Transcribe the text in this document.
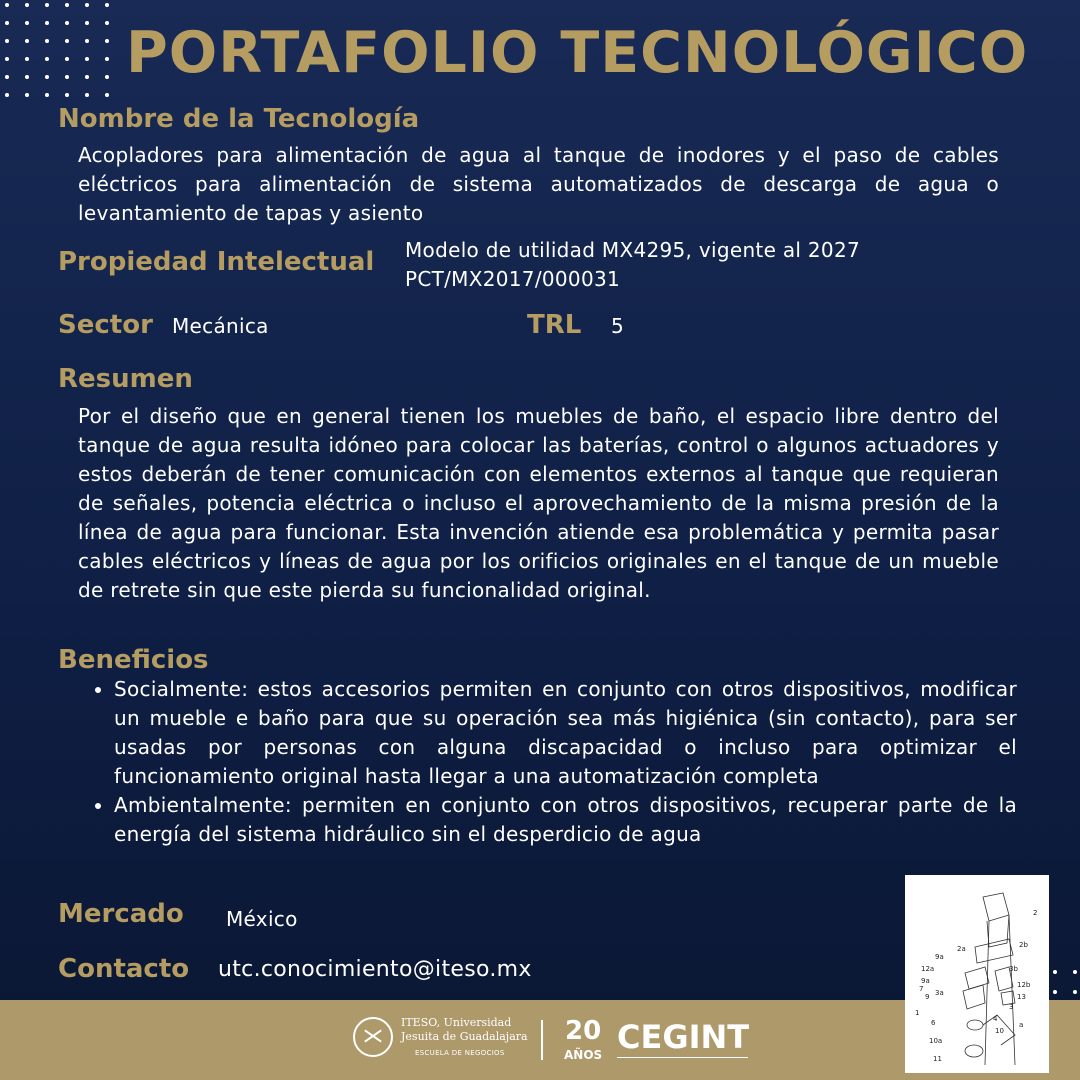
PORTAFOLIO TECNOLÓGICO
Nombre de la Tecnología
Acopladores para alimentación de agua al tanque de inodores y el paso de cables eléctricos para alimentación de sistema automatizados de descarga de agua o levantamiento de tapas y asiento
Propiedad Intelectual Modelo de utilidad MX4295, vigente al 2027
PCT/MX2017/000031
Sector Mecánica	TRL 5
Resumen
Por el diseño que en general tienen los muebles de baño, el espacio libre dentro del tanque de agua resulta idóneo para colocar las baterías, control o algunos actuadores y estos deberán de tener comunicación con elementos externos al tanque que requieran de señales, potencia eléctrica o incluso el aprovechamiento de la misma presión de la línea de agua para funcionar. Esta invención atiende esa problemática y permita pasar cables eléctricos y líneas de agua por los orificios originales en el tanque de un mueble de retrete sin que este pierda su funcionalidad original.
Beneficios
• Socialmente: estos accesorios permiten en conjunto con otros dispositivos, modificar un mueble e baño para que su operación sea más higiénica (sin contacto), para ser usadas por personas con alguna discapacidad o incluso para optimizar el funcionamiento original hasta llegar a una automatización completa
• Ambientalmente: permiten en conjunto con otros dispositivos, recuperar parte de la energía del sistema hidráulico sin el desperdicio de agua
Mercado México
Contacto utc.conocimiento@iteso.mx
ITESO, Universidad
Jesuita de Guadalajara
ESCUELA DE NEGOCIOS
20
AÑOS CEGINT
2
2a	2b
9a
12a	3b
9a	12b
7 3a
9	13
3
1
6	4
10
10a
11
a
